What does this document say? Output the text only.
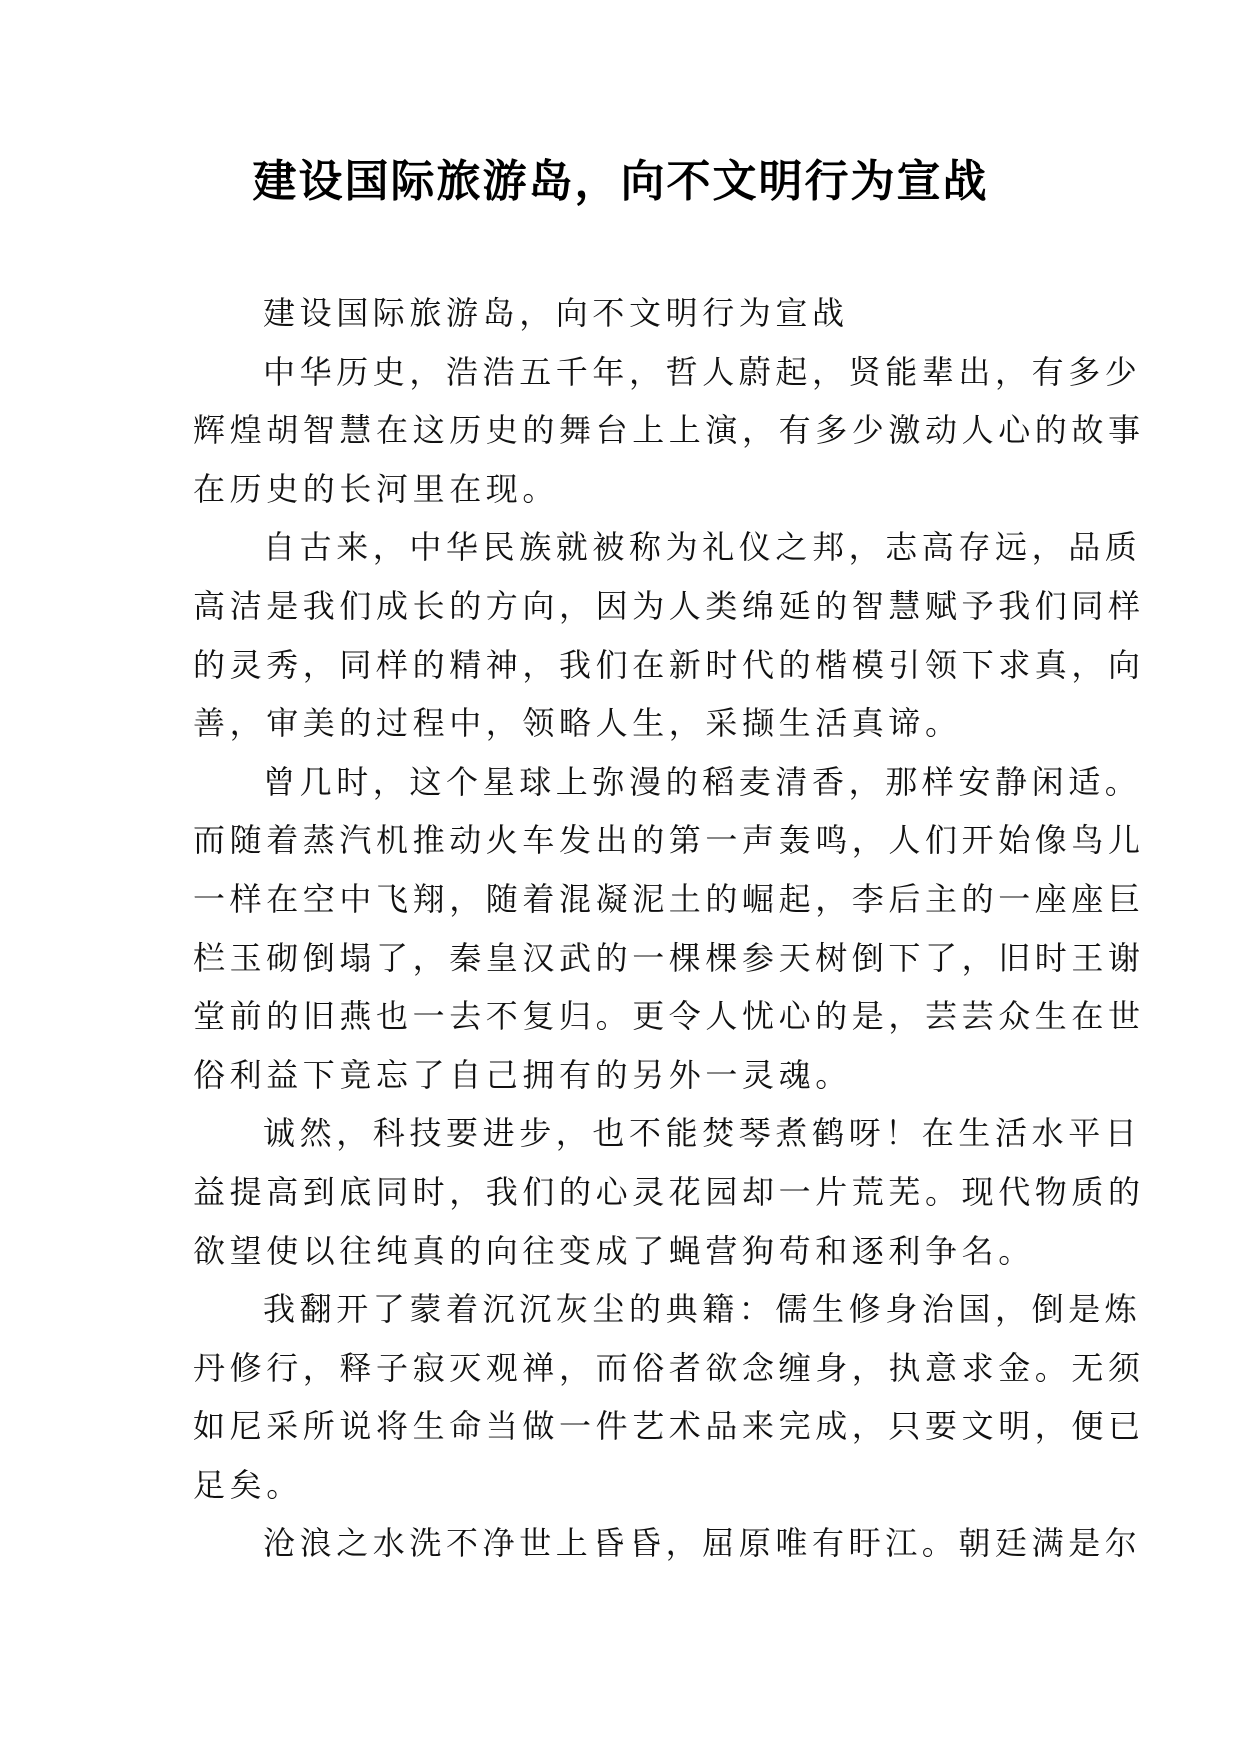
建设国际旅游岛，向不文明行为宣战
建设国际旅游岛，向不文明行为宣战
中华历史，浩浩五千年，哲人蔚起，贤能辈出，有多少
辉煌胡智慧在这历史的舞台上上演，有多少激动人心的故事
在历史的长河里在现。
自古来，中华民族就被称为礼仪之邦，志高存远，品质
高洁是我们成长的方向，因为人类绵延的智慧赋予我们同样
的灵秀，同样的精神，我们在新时代的楷模引领下求真，向
善，审美的过程中，领略人生，采撷生活真谛。
曾几时，这个星球上弥漫的稻麦清香，那样安静闲适。
而随着蒸汽机推动火车发出的第一声轰鸣，人们开始像鸟儿
一样在空中飞翔，随着混凝泥土的崛起，李后主的一座座巨
栏玉砌倒塌了，秦皇汉武的一棵棵参天树倒下了，旧时王谢
堂前的旧燕也一去不复归。更令人忧心的是，芸芸众生在世
俗利益下竟忘了自己拥有的另外一灵魂。
诚然，科技要进步，也不能焚琴煮鹤呀！在生活水平日
益提高到底同时，我们的心灵花园却一片荒芜。现代物质的
欲望使以往纯真的向往变成了蝇营狗苟和逐利争名。
我翻开了蒙着沉沉灰尘的典籍：儒生修身治国，倒是炼
丹修行，释子寂灭观禅，而俗者欲念缠身，执意求金。无须
如尼采所说将生命当做一件艺术品来完成，只要文明，便已
足矣。
沧浪之水洗不净世上昏昏，屈原唯有盱江。朝廷满是尔
